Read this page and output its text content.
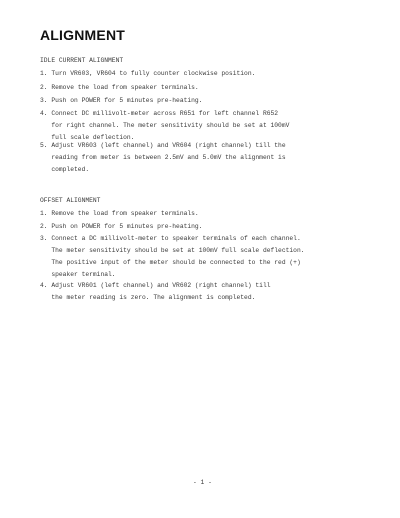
ALIGNMENT
IDLE CURRENT ALIGNMENT

1. Turn VR603, VR604 to fully counter clockwise position.

2. Remove the load from speaker terminals.

3. Push on POWER for 5 minutes pre-heating.

4. Connect DC millivolt-meter across R651 for left channel R652

for right channel. The meter sensitivity should be set at 100mV

full scale deflection.

5. Adjust VR603 (left channel) and VR604 (right channel) till the

reading from meter is between 2.5mV and 5.0mV the alignment is

completed.

OFFSET ALIGNMENT

1. Remove the load from speaker terminals.

2. Push on POWER for 5 minutes pre-heating.

3. Connect a DC millivolt-meter to speaker terminals of each channel.

The meter sensitivity should be set at 100mV full scale deflection.

The positive input of the meter should be connected to the red (+)

speaker terminal.

4. Adjust VR601 (left channel) and VR602 (right channel) till

the meter reading is zero. The alignment is completed.

- 1 -
